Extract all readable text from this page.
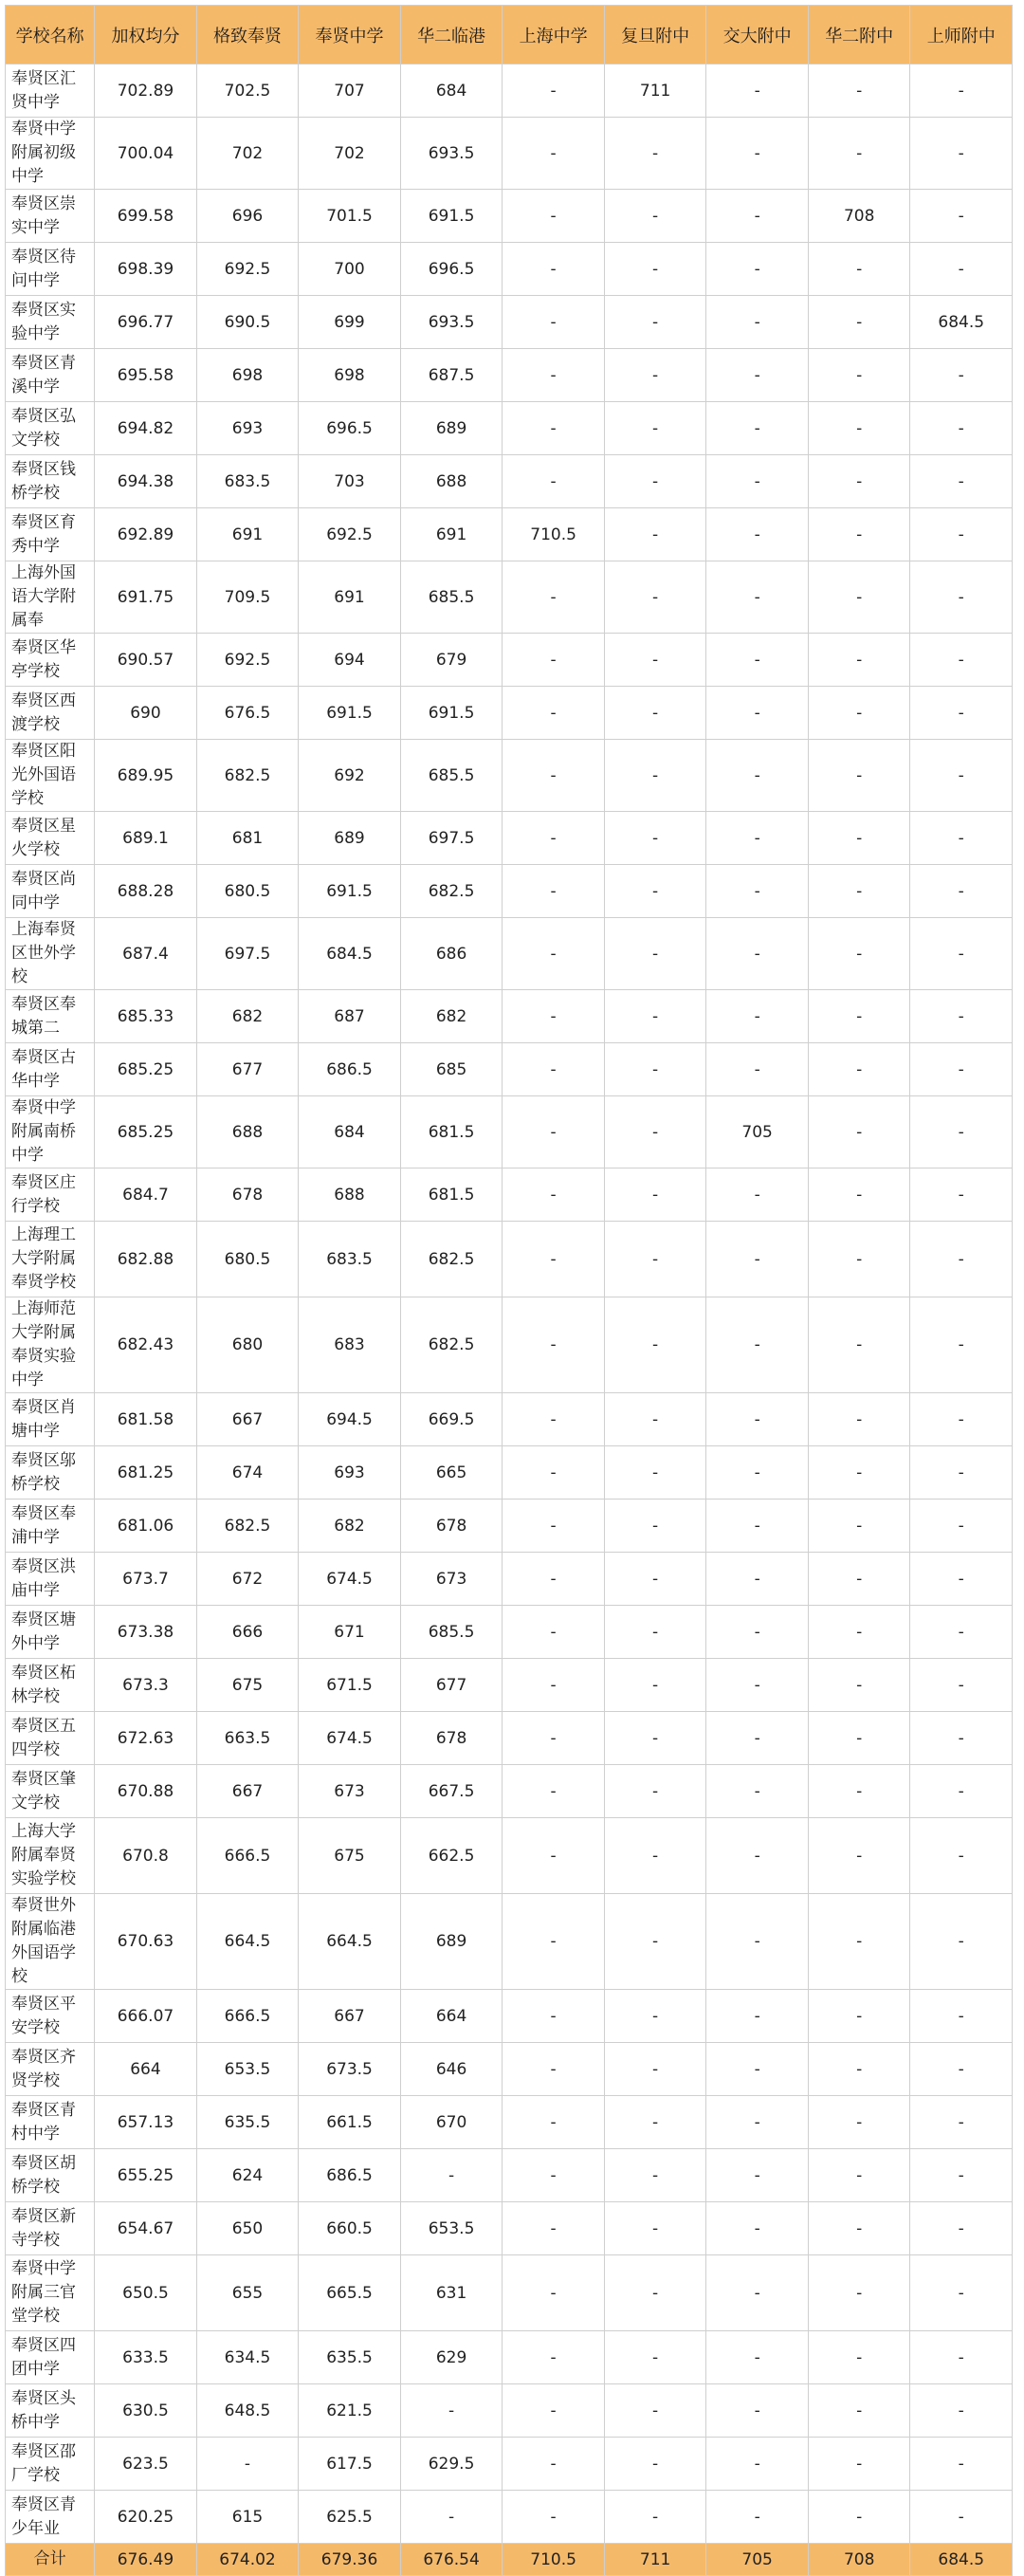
学校名称	加权均分	格致奉贤	奉贤中学	华二临港	上海中学	复旦附中	交大附中	华二附中	上师附中
奉贤区汇贤中学	702.89	702.5	707	684	-	711	-	-	-
奉贤中学附属初级中学	700.04	702	702	693.5	-	-	-	-	-
奉贤区崇实中学	699.58	696	701.5	691.5	-	-	-	708	-
奉贤区待问中学	698.39	692.5	700	696.5	-	-	-	-	-
奉贤区实验中学	696.77	690.5	699	693.5	-	-	-	-	684.5
奉贤区青溪中学	695.58	698	698	687.5	-	-	-	-	-
奉贤区弘文学校	694.82	693	696.5	689	-	-	-	-	-
奉贤区钱桥学校	694.38	683.5	703	688	-	-	-	-	-
奉贤区育秀中学	692.89	691	692.5	691	710.5	-	-	-	-
上海外国语大学附属奉	691.75	709.5	691	685.5	-	-	-	-	-
奉贤区华亭学校	690.57	692.5	694	679	-	-	-	-	-
奉贤区西渡学校	690	676.5	691.5	691.5	-	-	-	-	-
奉贤区阳光外国语学校	689.95	682.5	692	685.5	-	-	-	-	-
奉贤区星火学校	689.1	681	689	697.5	-	-	-	-	-
奉贤区尚同中学	688.28	680.5	691.5	682.5	-	-	-	-	-
上海奉贤区世外学校	687.4	697.5	684.5	686	-	-	-	-	-
奉贤区奉城第二	685.33	682	687	682	-	-	-	-	-
奉贤区古华中学	685.25	677	686.5	685	-	-	-	-	-
奉贤中学附属南桥中学	685.25	688	684	681.5	-	-	705	-	-
奉贤区庄行学校	684.7	678	688	681.5	-	-	-	-	-
上海理工大学附属奉贤学校	682.88	680.5	683.5	682.5	-	-	-	-	-
上海师范大学附属奉贤实验中学	682.43	680	683	682.5	-	-	-	-	-
奉贤区肖塘中学	681.58	667	694.5	669.5	-	-	-	-	-
奉贤区邬桥学校	681.25	674	693	665	-	-	-	-	-
奉贤区奉浦中学	681.06	682.5	682	678	-	-	-	-	-
奉贤区洪庙中学	673.7	672	674.5	673	-	-	-	-	-
奉贤区塘外中学	673.38	666	671	685.5	-	-	-	-	-
奉贤区柘林学校	673.3	675	671.5	677	-	-	-	-	-
奉贤区五四学校	672.63	663.5	674.5	678	-	-	-	-	-
奉贤区肇文学校	670.88	667	673	667.5	-	-	-	-	-
上海大学附属奉贤实验学校	670.8	666.5	675	662.5	-	-	-	-	-
奉贤世外附属临港外国语学校	670.63	664.5	664.5	689	-	-	-	-	-
奉贤区平安学校	666.07	666.5	667	664	-	-	-	-	-
奉贤区齐贤学校	664	653.5	673.5	646	-	-	-	-	-
奉贤区青村中学	657.13	635.5	661.5	670	-	-	-	-	-
奉贤区胡桥学校	655.25	624	686.5	-	-	-	-	-	-
奉贤区新寺学校	654.67	650	660.5	653.5	-	-	-	-	-
奉贤中学附属三官堂学校	650.5	655	665.5	631	-	-	-	-	-
奉贤区四团中学	633.5	634.5	635.5	629	-	-	-	-	-
奉贤区头桥中学	630.5	648.5	621.5	-	-	-	-	-	-
奉贤区邵厂学校	623.5	-	617.5	629.5	-	-	-	-	-
奉贤区青少年业	620.25	615	625.5	-	-	-	-	-	-
合计	676.49	674.02	679.36	676.54	710.5	711	705	708	684.5
